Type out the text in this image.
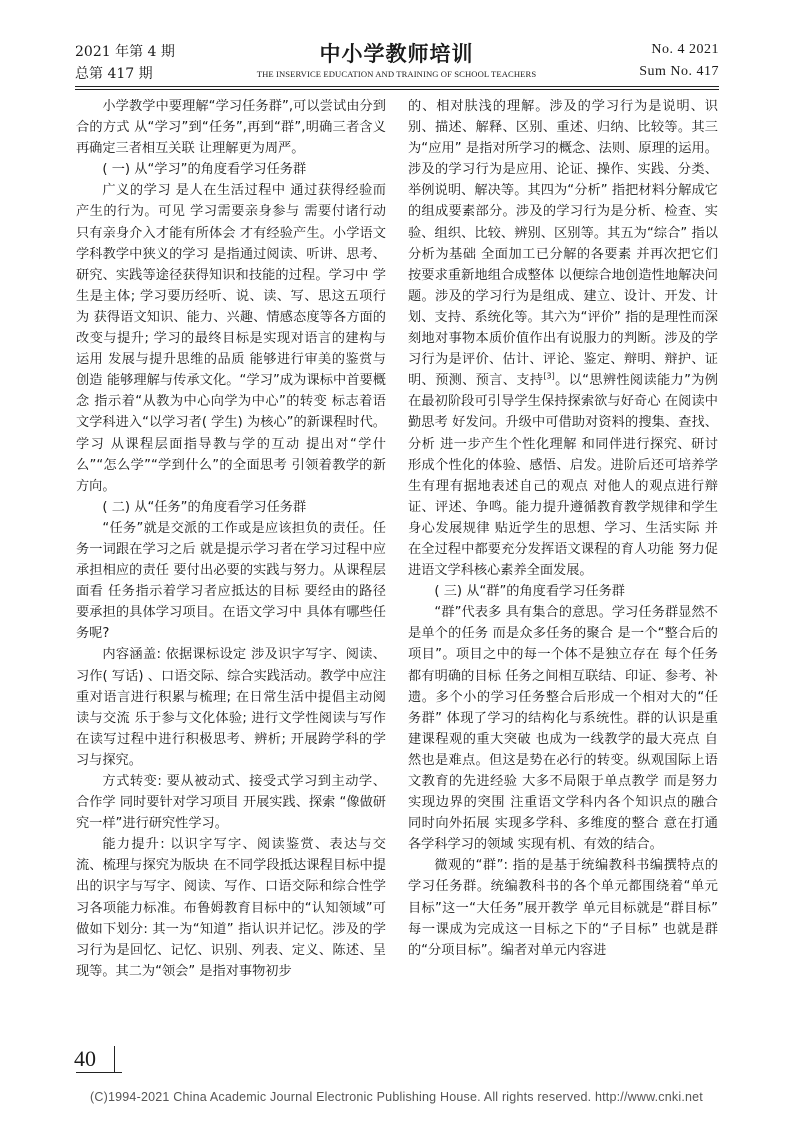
2021 年第 4 期
总第 417 期
中小学教师培训
THE INSERVICE EDUCATION AND TRAINING OF SCHOOL TEACHERS
No. 4 2021
Sum No. 417

小学教学中要理解“学习任务群”,可以尝试由分到合的方式 从“学习”到“任务”,再到“群”,明确三者含义 再确定三者相互关联 让理解更为周严。

( 一) 从“学习”的角度看学习任务群

广义的学习 是人在生活过程中 通过获得经验而产生的行为。可见 学习需要亲身参与 需要付诸行动 只有亲身介入才能有所体会 才有经验产生。小学语文学科教学中狭义的学习 是指通过阅读、听讲、思考、研究、实践等途径获得知识和技能的过程。学习中 学生是主体; 学习要历经听、说、读、写、思这五项行为 获得语文知识、能力、兴趣、情感态度等各方面的改变与提升; 学习的最终目标是实现对语言的建构与运用 发展与提升思维的品质 能够进行审美的鉴赏与创造 能够理解与传承文化。“学习”成为课标中首要概念 指示着“从教为中心向学为中心”的转变 标志着语文学科进入“以学习者( 学生) 为核心”的新课程时代。学习 从课程层面指导教与学的互动 提出对“学什么”“怎么学”“学到什么”的全面思考 引领着教学的新方向。

( 二) 从“任务”的角度看学习任务群

“任务”就是交派的工作或是应该担负的责任。任务一词跟在学习之后 就是提示学习者在学习过程中应承担相应的责任 要付出必要的实践与努力。从课程层面看 任务指示着学习者应抵达的目标 要经由的路径 要承担的具体学习项目。在语文学习中 具体有哪些任务呢?

内容涵盖: 依据课标设定 涉及识字写字、阅读、习作( 写话) 、口语交际、综合实践活动。教学中应注重对语言进行积累与梳理; 在日常生活中提倡主动阅读与交流 乐于参与文化体验; 进行文学性阅读与写作 在读写过程中进行积极思考、辨析; 开展跨学科的学习与探究。

方式转变: 要从被动式、接受式学习到主动学、合作学 同时要针对学习项目 开展实践、探索 “像做研究一样”进行研究性学习。

能力提升: 以识字写字、阅读鉴赏、表达与交流、梳理与探究为版块 在不同学段抵达课程目标中提出的识字与写字、阅读、写作、口语交际和综合性学习各项能力标准。布鲁姆教育目标中的“认知领域”可做如下划分: 其一为“知道” 指认识并记忆。涉及的学习行为是回忆、记忆、识别、列表、定义、陈述、呈现等。其二为“领会” 是指对事物初步

的、相对肤浅的理解。涉及的学习行为是说明、识别、描述、解释、区别、重述、归纳、比较等。其三为“应用” 是指对所学习的概念、法则、原理的运用。涉及的学习行为是应用、论证、操作、实践、分类、举例说明、解决等。其四为“分析” 指把材料分解成它的组成要素部分。涉及的学习行为是分析、检查、实验、组织、比较、辨别、区别等。其五为“综合” 指以分析为基础 全面加工已分解的各要素 并再次把它们按要求重新地组合成整体 以便综合地创造性地解决问题。涉及的学习行为是组成、建立、设计、开发、计划、支持、系统化等。其六为“评价” 指的是理性而深刻地对事物本质价值作出有说服力的判断。涉及的学习行为是评价、估计、评论、鉴定、辩明、辩护、证明、预测、预言、支持[3]。以“思辨性阅读能力”为例 在最初阶段可引导学生保持探索欲与好奇心 在阅读中勤思考 好发问。升级中可借助对资料的搜集、查找、分析 进一步产生个性化理解 和同伴进行探究、研讨 形成个性化的体验、感悟、启发。进阶后还可培养学生有理有据地表述自己的观点 对他人的观点进行辩证、评述、争鸣。能力提升遵循教育教学规律和学生身心发展规律 贴近学生的思想、学习、生活实际 并在全过程中都要充分发挥语文课程的育人功能 努力促进语文学科核心素养全面发展。

( 三) 从“群”的角度看学习任务群

“群”代表多 具有集合的意思。学习任务群显然不是单个的任务 而是众多任务的聚合 是一个“整合后的项目”。项目之中的每一个体不是独立存在 每个任务都有明确的目标 任务之间相互联结、印证、参考、补遗。多个小的学习任务整合后形成一个相对大的“任务群” 体现了学习的结构化与系统性。群的认识是重建课程观的重大突破 也成为一线教学的最大亮点 自然也是难点。但这是势在必行的转变。纵观国际上语文教育的先进经验 大多不局限于单点教学 而是努力实现边界的突围 注重语文学科内各个知识点的融合 同时向外拓展 实现多学科、多维度的整合 意在打通各学科学习的领域 实现有机、有效的结合。

微观的“群”: 指的是基于统编教科书编撰特点的学习任务群。统编教科书的各个单元都围绕着“单元目标”这一“大任务”展开教学 单元目标就是“群目标” 每一课成为完成这一目标之下的“子目标” 也就是群的“分项目标”。编者对单元内容进

40
(C)1994-2021 China Academic Journal Electronic Publishing House. All rights reserved. http://www.cnki.net
